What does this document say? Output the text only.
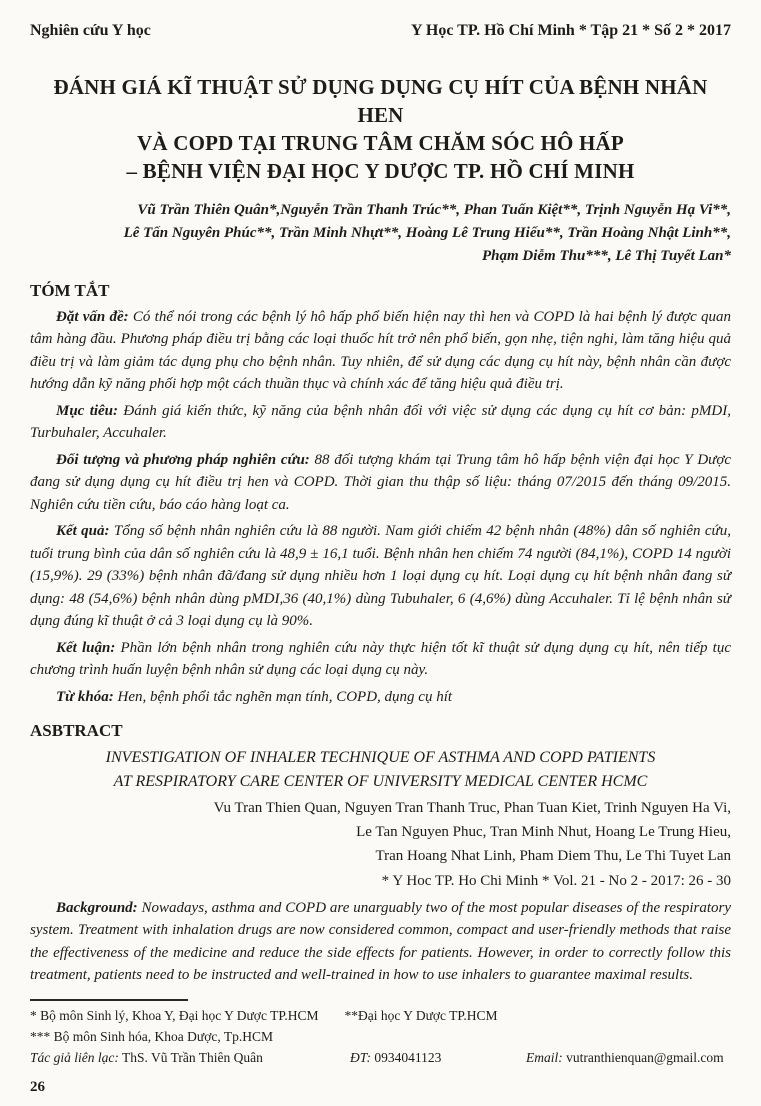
Nghiên cứu Y học	Y Học TP. Hồ Chí Minh * Tập 21 * Số 2 * 2017
ĐÁNH GIÁ KĨ THUẬT SỬ DỤNG DỤNG CỤ HÍT CỦA BỆNH NHÂN HEN
VÀ COPD TẠI TRUNG TÂM CHĂM SÓC HÔ HẤP
– BỆNH VIỆN ĐẠI HỌC Y DƯỢC TP. HỒ CHÍ MINH
Vũ Trần Thiên Quân*,Nguyễn Trần Thanh Trúc**, Phan Tuấn Kiệt**, Trịnh Nguyễn Hạ Vi**,
Lê Tấn Nguyên Phúc**, Trần Minh Nhựt**, Hoàng Lê Trung Hiếu**, Trần Hoàng Nhật Linh**,
Phạm Diễm Thu***, Lê Thị Tuyết Lan*
TÓM TẮT

Đặt vấn đề: Có thể nói trong các bệnh lý hô hấp phổ biến hiện nay thì hen và COPD là hai bệnh lý được quan tâm hàng đầu. Phương pháp điều trị bằng các loại thuốc hít trở nên phổ biến, gọn nhẹ, tiện nghi, làm tăng hiệu quả điều trị và làm giảm tác dụng phụ cho bệnh nhân. Tuy nhiên, để sử dụng các dụng cụ hít này, bệnh nhân cần được hướng dẫn kỹ năng phối hợp một cách thuần thục và chính xác để tăng hiệu quả điều trị.

Mục tiêu: Đánh giá kiến thức, kỹ năng của bệnh nhân đối với việc sử dụng các dụng cụ hít cơ bản: pMDI, Turbuhaler, Accuhaler.

Đối tượng và phương pháp nghiên cứu: 88 đối tượng khám tại Trung tâm hô hấp bệnh viện đại học Y Dược đang sử dụng dụng cụ hít điều trị hen và COPD. Thời gian thu thập số liệu: tháng 07/2015 đến tháng 09/2015. Nghiên cứu tiền cứu, báo cáo hàng loạt ca.

Kết quả: Tổng số bệnh nhân nghiên cứu là 88 người. Nam giới chiếm 42 bệnh nhân (48%) dân số nghiên cứu, tuổi trung bình của dân số nghiên cứu là 48,9 ± 16,1 tuổi. Bệnh nhân hen chiếm 74 người (84,1%), COPD 14 người (15,9%). 29 (33%) bệnh nhân đã/đang sử dụng nhiều hơn 1 loại dụng cụ hít. Loại dụng cụ hít bệnh nhân đang sử dụng: 48 (54,6%) bệnh nhân dùng pMDI,36 (40,1%) dùng Tubuhaler, 6 (4,6%) dùng Accuhaler. Tỉ lệ bệnh nhân sử dụng đúng kĩ thuật ở cả 3 loại dụng cụ là 90%.

Kết luận: Phần lớn bệnh nhân trong nghiên cứu này thực hiện tốt kĩ thuật sử dụng dụng cụ hít, nên tiếp tục chương trình huấn luyện bệnh nhân sử dụng các loại dụng cụ này.

Từ khóa: Hen, bệnh phổi tắc nghẽn mạn tính, COPD, dụng cụ hít

ASBTRACT
INVESTIGATION OF INHALER TECHNIQUE OF ASTHMA AND COPD PATIENTS
AT RESPIRATORY CARE CENTER OF UNIVERSITY MEDICAL CENTER HCMC
Vu Tran Thien Quan, Nguyen Tran Thanh Truc, Phan Tuan Kiet, Trinh Nguyen Ha Vi,
Le Tan Nguyen Phuc, Tran Minh Nhut, Hoang Le Trung Hieu,
Tran Hoang Nhat Linh, Pham Diem Thu, Le Thi Tuyet Lan
* Y Hoc TP. Ho Chi Minh * Vol. 21 - No 2 - 2017: 26 - 30

Background: Nowadays, asthma and COPD are unarguably two of the most popular diseases of the respiratory system. Treatment with inhalation drugs are now considered common, compact and user-friendly methods that raise the effectiveness of the medicine and reduce the side effects for patients. However, in order to correctly follow this treatment, patients need to be instructed and well-trained in how to use inhalers to guarantee maximal results.

* Bộ môn Sinh lý, Khoa Y, Đại học Y Dược TP.HCM **Đại học Y Dược TP.HCM
*** Bộ môn Sinh hóa, Khoa Dược, Tp.HCM
Tác giả liên lạc: ThS. Vũ Trần Thiên Quân	ĐT: 0934041123	Email: vutranthienquan@gmail.com
26
